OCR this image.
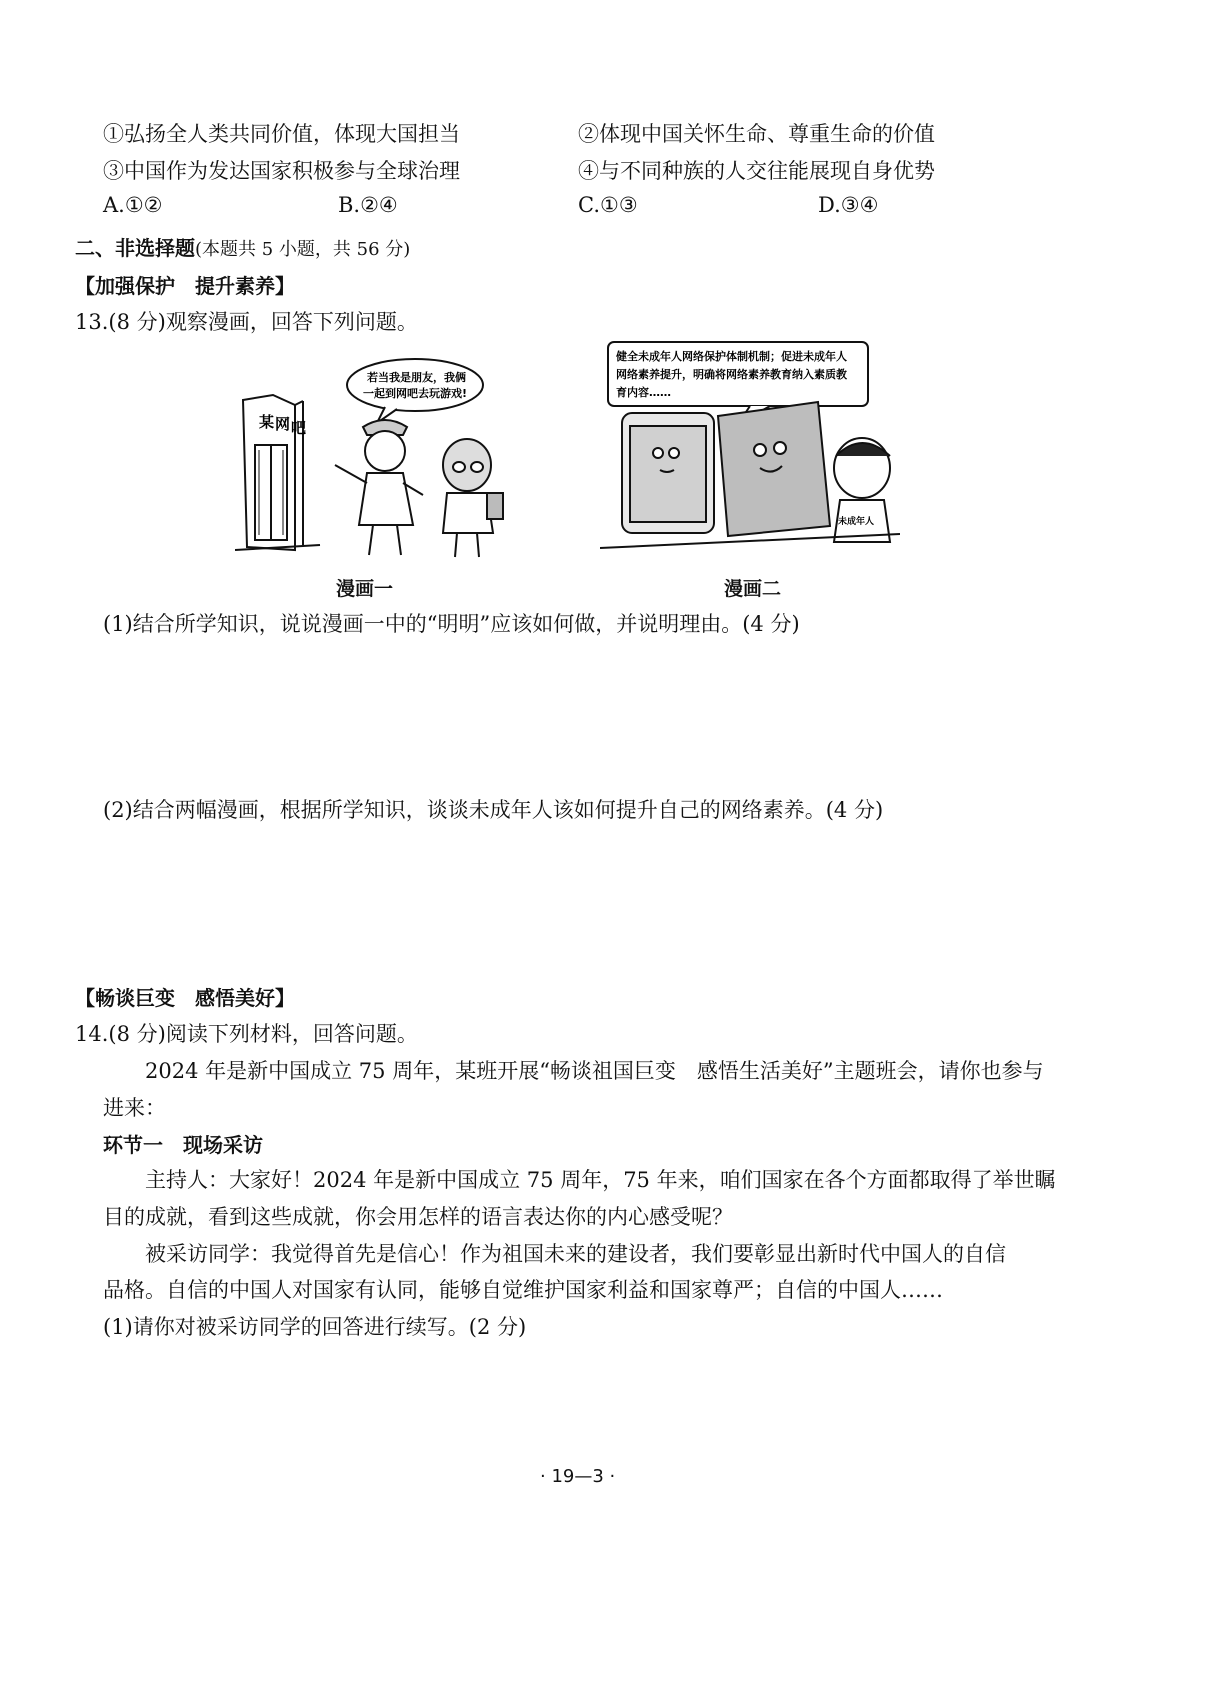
①弘扬全人类共同价值，体现大国担当	②体现中国关怀生命、尊重生命的价值
③中国作为发达国家积极参与全球治理	④与不同种族的人交往能展现自身优势
A.①②	B.②④	C.①③	D.③④
二、非选择题(本题共 5 小题，共 56 分)
【加强保护　提升素养】
13.(8 分)观察漫画，回答下列问题。
某 网 吧
若当我是朋友，我俩
一起到网吧去玩游戏!
漫画一
健全未成年人网络保护体制机制；促进未成年人
网络素养提升，明确将网络素养教育纳入素质教
育内容……
未成年人
漫画二
(1)结合所学知识，说说漫画一中的“明明”应该如何做，并说明理由。(4 分)
(2)结合两幅漫画，根据所学知识，谈谈未成年人该如何提升自己的网络素养。(4 分)
【畅谈巨变　感悟美好】
14.(8 分)阅读下列材料，回答问题。
2024 年是新中国成立 75 周年，某班开展“畅谈祖国巨变　感悟生活美好”主题班会，请你也参与
进来：
环节一　现场采访
主持人：大家好！2024 年是新中国成立 75 周年，75 年来，咱们国家在各个方面都取得了举世瞩
目的成就，看到这些成就，你会用怎样的语言表达你的内心感受呢？
被采访同学：我觉得首先是信心！作为祖国未来的建设者，我们要彰显出新时代中国人的自信
品格。自信的中国人对国家有认同，能够自觉维护国家利益和国家尊严；自信的中国人……
(1)请你对被采访同学的回答进行续写。(2 分)
· 19—3 ·
